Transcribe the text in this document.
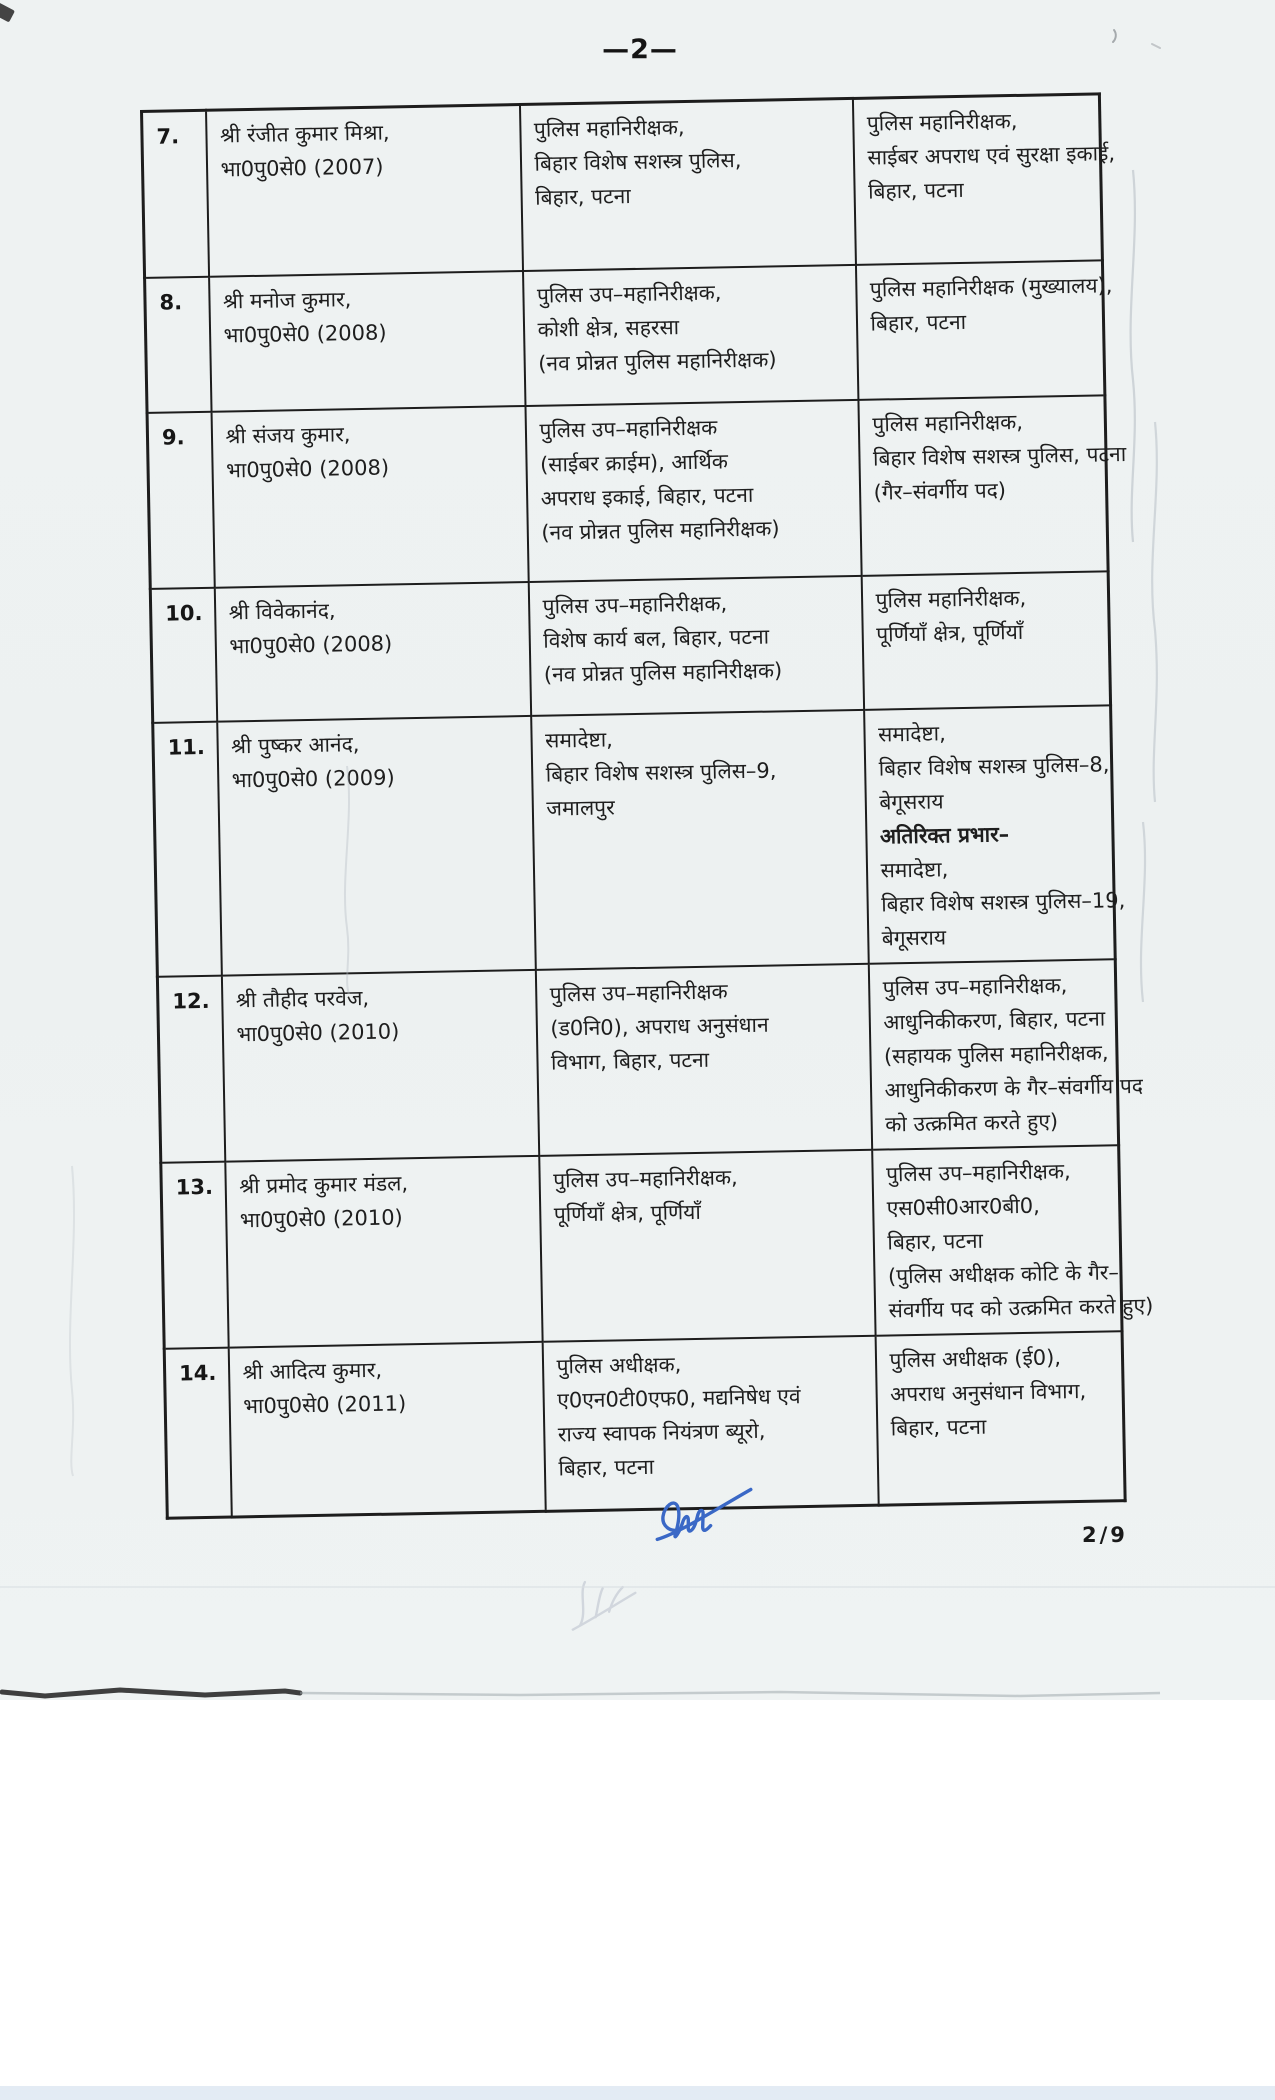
—2—
7.	श्री रंजीत कुमार मिश्रा,
भा0पु0से0 (2007)

पुलिस महानिरीक्षक,
बिहार विशेष सशस्त्र पुलिस,
बिहार, पटना

पुलिस महानिरीक्षक,
साईबर अपराध एवं सुरक्षा इकाई,
बिहार, पटना

8.	श्री मनोज कुमार,
भा0पु0से0 (2008)

पुलिस उप–महानिरीक्षक,
कोशी क्षेत्र, सहरसा
(नव प्रोन्नत पुलिस महानिरीक्षक)

पुलिस महानिरीक्षक (मुख्यालय),
बिहार, पटना

9.	श्री संजय कुमार,
भा0पु0से0 (2008)

पुलिस उप–महानिरीक्षक
(साईबर क्राईम), आर्थिक
अपराध इकाई, बिहार, पटना
(नव प्रोन्नत पुलिस महानिरीक्षक)

पुलिस महानिरीक्षक,
बिहार विशेष सशस्त्र पुलिस, पटना
(गैर–संवर्गीय पद)

10.	श्री विवेकानंद,
भा0पु0से0 (2008)

पुलिस उप–महानिरीक्षक,
विशेष कार्य बल, बिहार, पटना
(नव प्रोन्नत पुलिस महानिरीक्षक)

पुलिस महानिरीक्षक,
पूर्णियाँ क्षेत्र, पूर्णियाँ

11.	श्री पुष्कर आनंद,
भा0पु0से0 (2009)

समादेष्टा,
बिहार विशेष सशस्त्र पुलिस–9,
जमालपुर

समादेष्टा,
बिहार विशेष सशस्त्र पुलिस–8,
बेगूसराय
अतिरिक्त प्रभार–
समादेष्टा,
बिहार विशेष सशस्त्र पुलिस–19,
बेगूसराय

12.	श्री तौहीद परवेज,
भा0पु0से0 (2010)

पुलिस उप–महानिरीक्षक
(ड0नि0), अपराध अनुसंधान
विभाग, बिहार, पटना

पुलिस उप–महानिरीक्षक,
आधुनिकीकरण, बिहार, पटना
(सहायक पुलिस महानिरीक्षक,
आधुनिकीकरण के गैर–संवर्गीय पद
को उत्क्रमित करते हुए)

13.	श्री प्रमोद कुमार मंडल,
भा0पु0से0 (2010)

पुलिस उप–महानिरीक्षक,
पूर्णियाँ क्षेत्र, पूर्णियाँ

पुलिस उप–महानिरीक्षक,
एस0सी0आर0बी0,
बिहार, पटना
(पुलिस अधीक्षक कोटि के गैर–
संवर्गीय पद को उत्क्रमित करते हुए)

14.	श्री आदित्य कुमार,
भा0पु0से0 (2011)

पुलिस अधीक्षक,
ए0एन0टी0एफ0, मद्यनिषेध एवं
राज्य स्वापक नियंत्रण ब्यूरो,
बिहार, पटना

पुलिस अधीक्षक (ई0),
अपराध अनुसंधान विभाग,
बिहार, पटना
2/9
